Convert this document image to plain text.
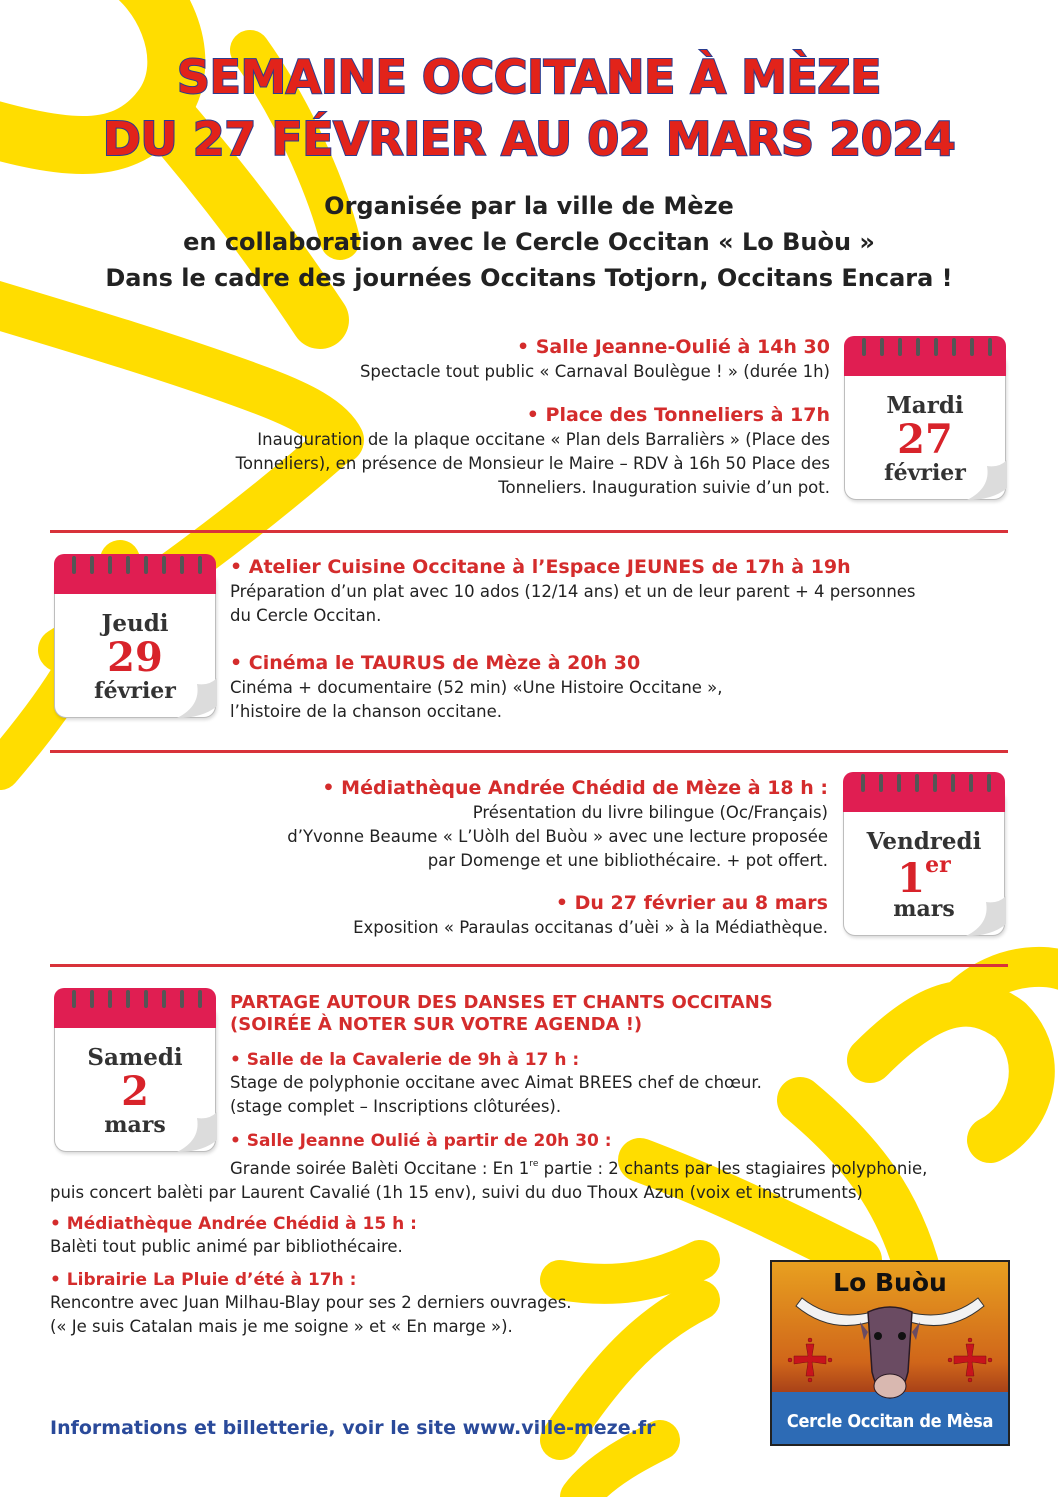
SEMAINE OCCITANE À MÈZE
DU 27 FÉVRIER AU 02 MARS 2024
Organisée par la ville de Mèze
en collaboration avec le Cercle Occitan « Lo Buòu »
Dans le cadre des journées Occitans Totjorn, Occitans Encara !
• Salle Jeanne-Oulié à 14h 30
Spectacle tout public « Carnaval Boulègue ! » (durée 1h)
• Place des Tonneliers à 17h
Inauguration de la plaque occitane « Plan dels Barralièrs » (Place des
Tonneliers), en présence de Monsieur le Maire – RDV à 16h 50 Place des
Tonneliers. Inauguration suivie d’un pot.
Mardi
27
février
Jeudi
29
février
• Atelier Cuisine Occitane à l’Espace JEUNES de 17h à 19h
Préparation d’un plat avec 10 ados (12/14 ans) et un de leur parent + 4 personnes
du Cercle Occitan.
• Cinéma le TAURUS de Mèze à 20h 30
Cinéma + documentaire (52 min) «Une Histoire Occitane »,
l’histoire de la chanson occitane.
• Médiathèque Andrée Chédid de Mèze à 18 h :
Présentation du livre bilingue (Oc/Français)
d’Yvonne Beaume « L’Uòlh del Buòu » avec une lecture proposée
par Domenge et une bibliothécaire. + pot offert.
• Du 27 février au 8 mars
Exposition « Paraulas occitanas d’uèi » à la Médiathèque.
Vendredi
1er
mars
Samedi
2
mars
PARTAGE AUTOUR DES DANSES ET CHANTS OCCITANS
(SOIRÉE À NOTER SUR VOTRE AGENDA !)
• Salle de la Cavalerie de 9h à 17 h :
Stage de polyphonie occitane avec Aimat BREES chef de chœur.
(stage complet – Inscriptions clôturées).
• Salle Jeanne Oulié à partir de 20h 30 :
Grande soirée Balèti Occitane : En 1re partie : 2 chants par les stagiaires polyphonie,
puis concert balèti par Laurent Cavalié (1h 15 env), suivi du duo Thoux Azun (voix et instruments)
• Médiathèque Andrée Chédid à 15 h :
Balèti tout public animé par bibliothécaire.
• Librairie La Pluie d’été à 17h :
Rencontre avec Juan Milhau-Blay pour ses 2 derniers ouvrages.
(« Je suis Catalan mais je me soigne » et « En marge »).
Lo Buòu
Cercle Occitan de Mèsa
Informations et billetterie, voir le site www.ville-meze.fr
